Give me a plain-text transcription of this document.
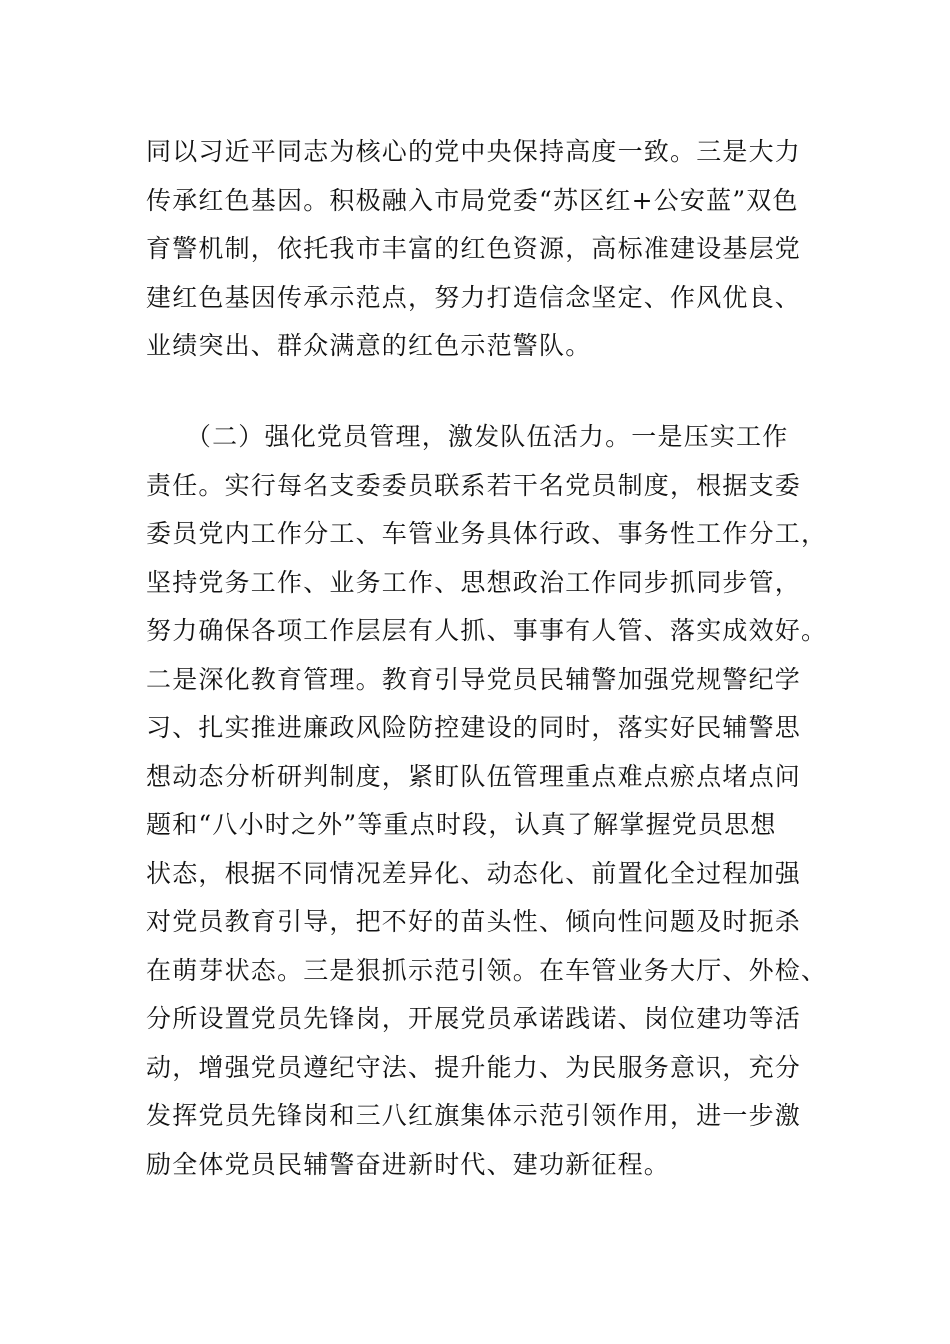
同以习近平同志为核心的党中央保持高度一致。三是大力
传承红色基因。积极融入市局党委“苏区红+公安蓝”双色
育警机制，依托我市丰富的红色资源，高标准建设基层党
建红色基因传承示范点，努力打造信念坚定、作风优良、
业绩突出、群众满意的红色示范警队。
　　（二）强化党员管理，激发队伍活力。一是压实工作
责任。实行每名支委委员联系若干名党员制度，根据支委
委员党内工作分工、车管业务具体行政、事务性工作分工，
坚持党务工作、业务工作、思想政治工作同步抓同步管，
努力确保各项工作层层有人抓、事事有人管、落实成效好。
二是深化教育管理。教育引导党员民辅警加强党规警纪学
习、扎实推进廉政风险防控建设的同时，落实好民辅警思
想动态分析研判制度，紧盯队伍管理重点难点瘀点堵点问
题和“八小时之外”等重点时段，认真了解掌握党员思想
状态，根据不同情况差异化、动态化、前置化全过程加强
对党员教育引导，把不好的苗头性、倾向性问题及时扼杀
在萌芽状态。三是狠抓示范引领。在车管业务大厅、外检、
分所设置党员先锋岗，开展党员承诺践诺、岗位建功等活
动，增强党员遵纪守法、提升能力、为民服务意识，充分
发挥党员先锋岗和三八红旗集体示范引领作用，进一步激
励全体党员民辅警奋进新时代、建功新征程。
